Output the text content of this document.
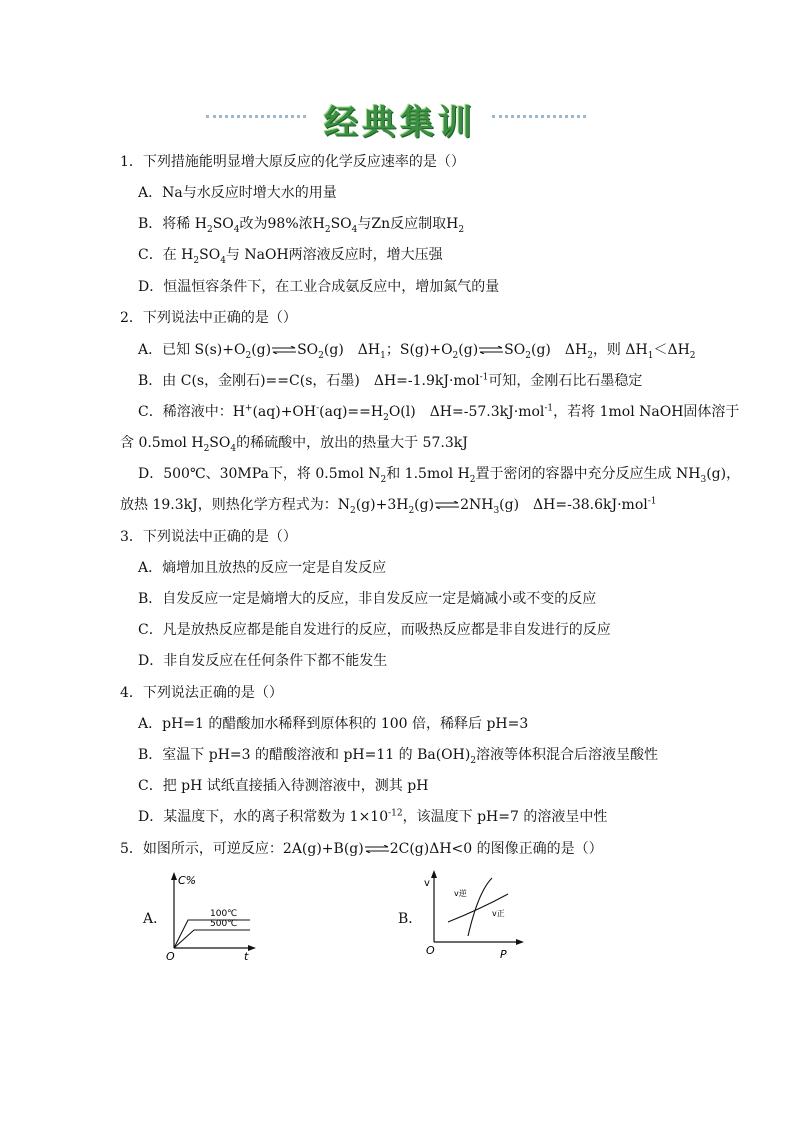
经典集训
1．下列措施能明显增大原反应的化学反应速率的是（）
A．Na与水反应时增大水的用量
B．将稀 $H_2SO_4$改为98%浓$H_2SO_4$与Zn反应制取$H_2$
C．在 $H_2SO_4$与 NaOH两溶液反应时，增大压强
D．恒温恒容条件下，在工业合成氨反应中，增加氮气的量
2．下列说法中正确的是（）
A．已知 $S(s)+O_2(g)\rightleftharpoons SO_2(g)$　$\Delta H_1$；$S(g)+O_2(g)\rightleftharpoons SO_2(g)$　$\Delta H_2$，则 $\Delta H_1<\Delta H_2$
B．由 C(s，金刚石)==C(s，石墨)　ΔH=-1.9kJ·mol$^{-1}$可知，金刚石比石墨稳定
C．稀溶液中：$H^+(aq)+OH^-(aq)==H_2O(l)$　ΔH=-57.3kJ·mol$^{-1}$，若将 1mol NaOH固体溶于
含 0.5mol $H_2SO_4$的稀硫酸中，放出的热量大于 57.3kJ
D．500℃、30MPa下，将 0.5mol $N_2$和 1.5mol $H_2$置于密闭的容器中充分反应生成 $NH_3(g)$，
放热 19.3kJ，则热化学方程式为：$N_2(g)+3H_2(g)\rightleftharpoons 2NH_3(g)$　ΔH=-38.6kJ·mol$^{-1}$
3．下列说法中正确的是（）
A．熵增加且放热的反应一定是自发反应
B．自发反应一定是熵增大的反应，非自发反应一定是熵减小或不变的反应
C．凡是放热反应都是能自发进行的反应，而吸热反应都是非自发进行的反应
D．非自发反应在任何条件下都不能发生
4．下列说法正确的是（）
A．pH=1 的醋酸加水稀释到原体积的 100 倍，稀释后 pH=3
B．室温下 pH=3 的醋酸溶液和 pH=11 的 $Ba(OH)_2$溶液等体积混合后溶液呈酸性
C．把 pH 试纸直接插入待测溶液中，测其 pH
D．某温度下，水的离子积常数为 $1\times 10^{-12}$，该温度下 pH=7 的溶液呈中性
5．如图所示，可逆反应：2A(g)+B(g)⇌2C(g)ΔH<0 的图像正确的是（）
A．
C%
t
O
100℃
500℃	B．
v
P
O
v逆
v正
